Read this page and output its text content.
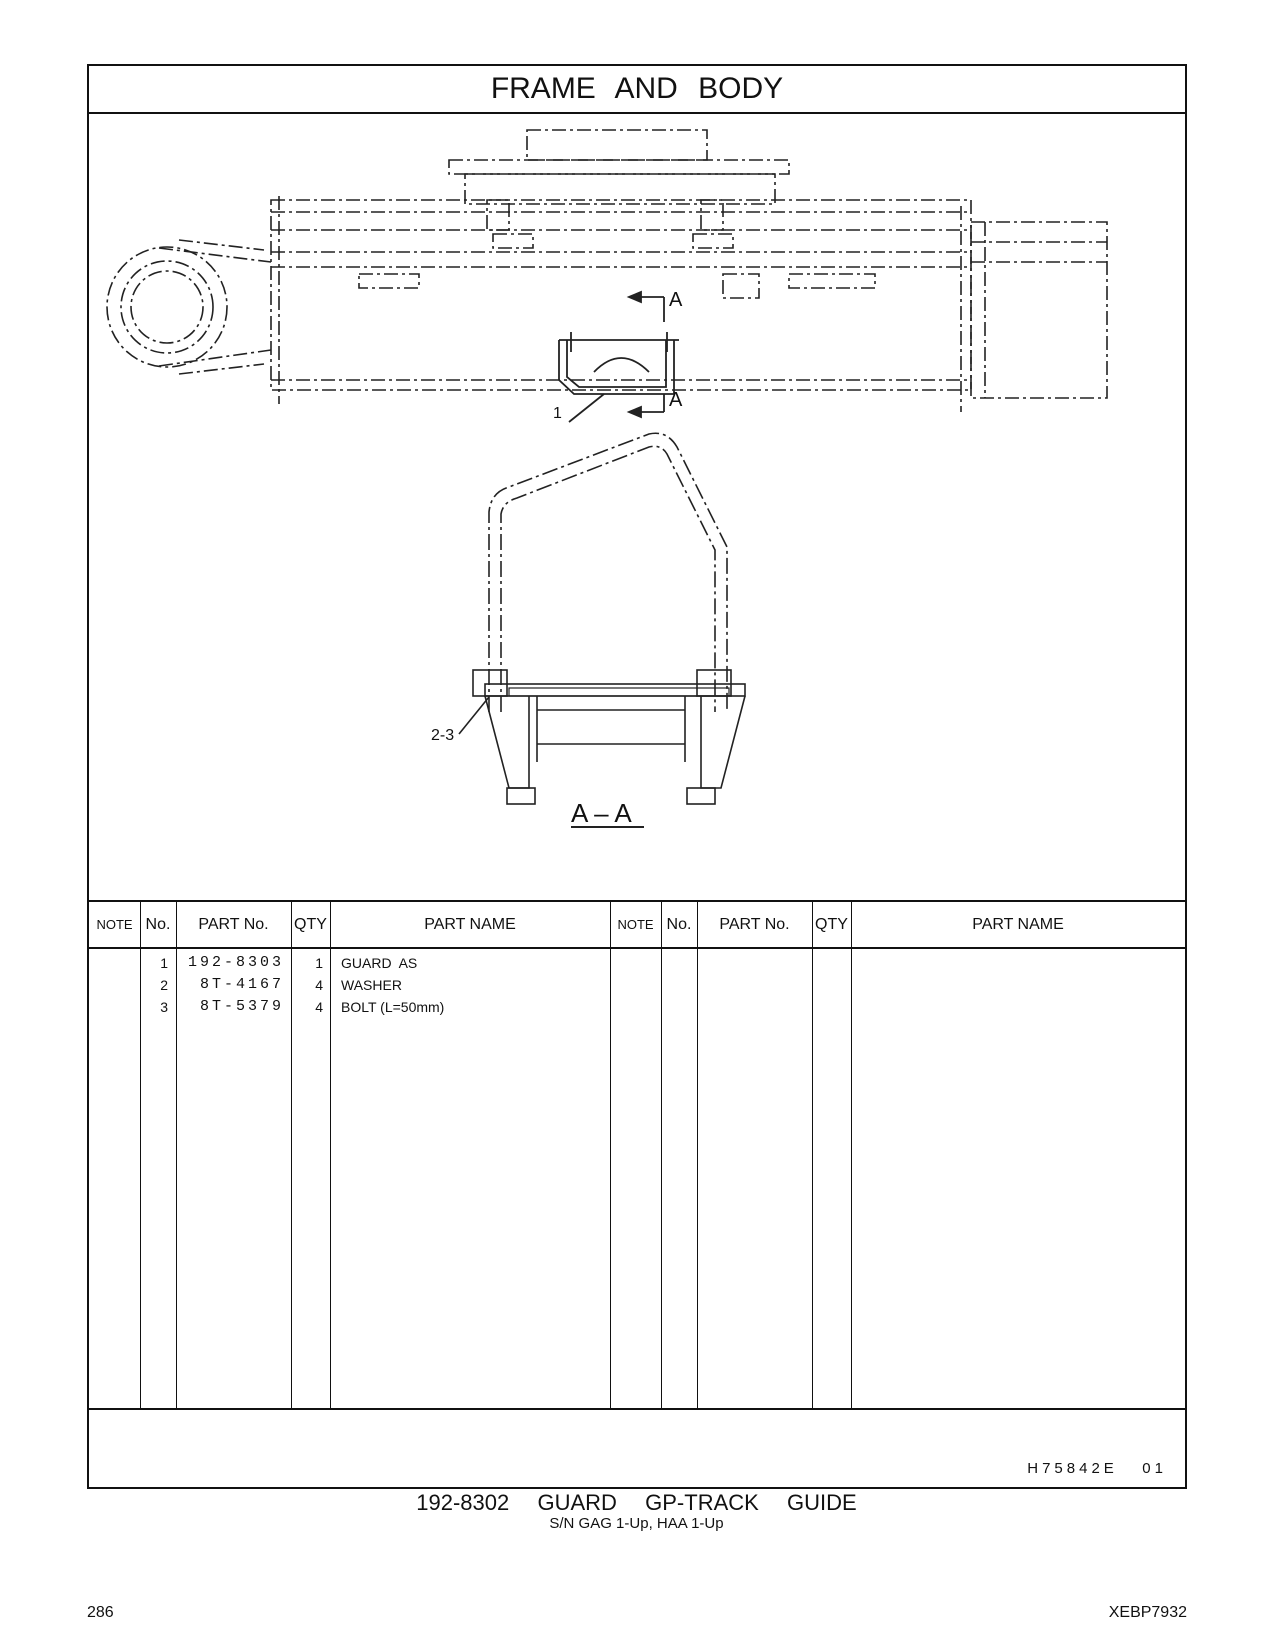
FRAME AND BODY
1
A
A
2-3
A – A
NOTE No.	PART No.	QTY	PART NAME	NOTE No.	PART No.	QTY	PART NAME
1	192-8303	1 GUARD  AS
2	8T-4167	4 WASHER
3	8T-5379	4 BOLT (L=50mm)
H75842E   01
192-8302  GUARD  GP-TRACK  GUIDE
S/N GAG 1-Up, HAA 1-Up
286	XEBP7932
